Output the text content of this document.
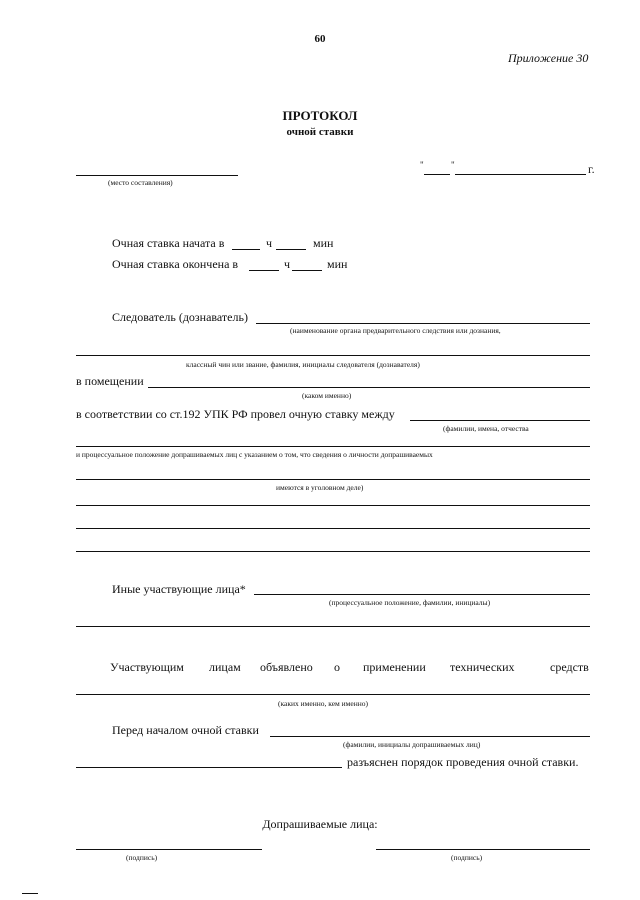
60
Приложение 30
ПРОТОКОЛ
очной ставки
(место составления)
"	"	г.
Очная ставка начата в	ч	мин
Очная ставка окончена в	ч	мин
Следователь (дознаватель)
(наименование органа предварительного следствия или дознания,
классный чин или звание, фамилия, инициалы следователя (дознавателя)
в помещении
(каком именно)
в соответствии со ст.192 УПК РФ провел очную ставку между
(фамилии, имена, отчества
и процессуальное положение допрашиваемых лиц с указанием о том, что сведения о личности допрашиваемых
имеются в уголовном деле)
Иные участвующие лица*
(процессуальное положение, фамилии, инициалы)
Участвующим лицам объявлено о применении технических	средств
(каких именно, кем именно)
Перед началом очной ставки
(фамилии, инициалы допрашиваемых лиц)
разъяснен порядок проведения очной ставки.
Допрашиваемые лица:
(подпись)	(подпись)
